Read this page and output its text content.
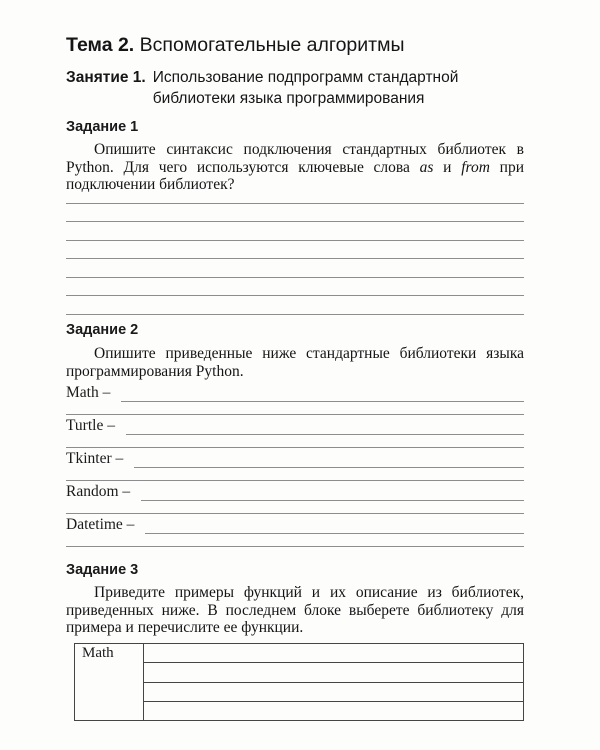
Тема 2. Вспомогательные алгоритмы
Занятие 1. Использование подпрограмм стандартной библиотеки языка программирования
Задание 1

Опишите синтаксис подключения стандартных библиотек в Python. Для чего используются ключевые слова as и from при подключении библиотек?

Задание 2

Опишите приведенные ниже стандартные библиотеки языка программирования Python.

Math –
Turtle –
Tkinter –
Random –
Datetime –
Задание 3

Приведите примеры функций и их описание из библиотек, приведенных ниже. В последнем блоке выберете библиотеку для примера и перечислите ее функции.

Math
